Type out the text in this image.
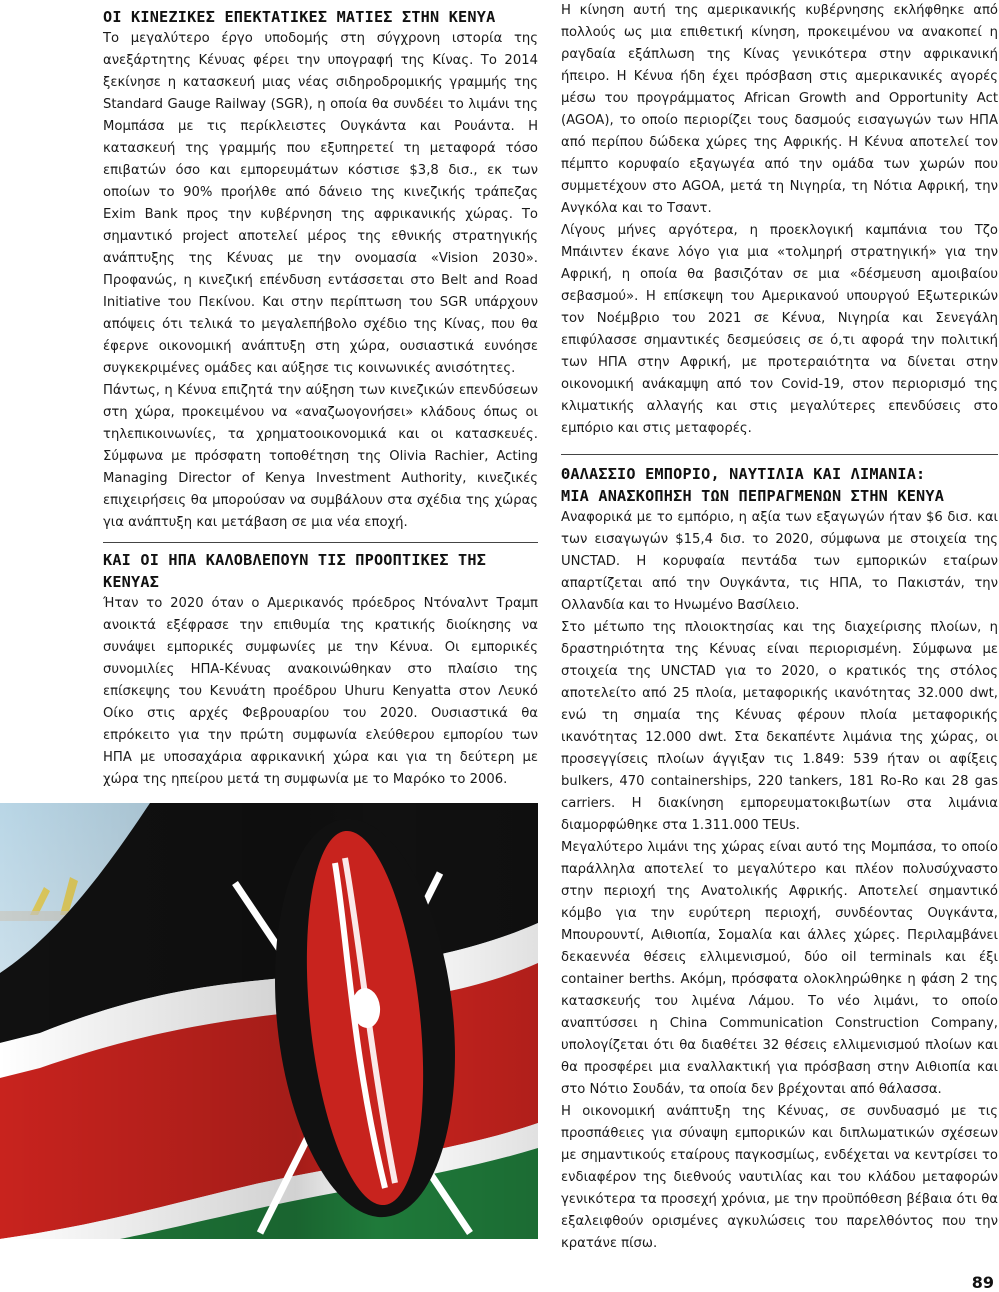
ΟΙ ΚΙΝΕΖΙΚΕΣ ΕΠΕΚΤΑΤΙΚΕΣ ΜΑΤΙΕΣ ΣΤΗΝ ΚΕΝΥΑ
Το μεγαλύτερο έργο υποδομής στη σύγχρονη ιστορία της ανεξάρτητης Κένυας φέρει την υπογραφή της Κίνας. Το 2014 ξεκίνησε η κατασκευή μιας νέας σιδηροδρομικής γραμμής της Standard Gauge Railway (SGR), η οποία θα συνδέει το λιμάνι της Μομπάσα με τις περίκλειστες Ουγκάντα και Ρουάντα. Η κατασκευή της γραμμής που εξυπηρετεί τη μεταφορά τόσο επιβατών όσο και εμπορευμάτων κόστισε $3,8 δισ., εκ των οποίων το 90% προήλθε από δάνειο της κινεζικής τράπεζας Exim Bank προς την κυβέρνηση της αφρικανικής χώρας. Το σημαντικό project αποτελεί μέρος της εθνικής στρατηγικής ανάπτυξης της Κένυας με την ονομασία «Vision 2030». Προφανώς, η κινεζική επένδυση εντάσσεται στο Belt and Road Initiative του Πεκίνου. Και στην περίπτωση του SGR υπάρχουν απόψεις ότι τελικά το μεγαλεπήβολο σχέδιο της Κίνας, που θα έφερνε οικονομική ανάπτυξη στη χώρα, ουσιαστικά ευνόησε συγκεκριμένες ομάδες και αύξησε τις κοινωνικές ανισότητες.
Πάντως, η Κένυα επιζητά την αύξηση των κινεζικών επενδύσεων στη χώρα, προκειμένου να «αναζωογονήσει» κλάδους όπως οι τηλεπικοινωνίες, τα χρηματοοικονομικά και οι κατασκευές. Σύμφωνα με πρόσφατη τοποθέτηση της Olivia Rachier, Acting Managing Director of Kenya Investment Authority, κινεζικές επιχειρήσεις θα μπορούσαν να συμβάλουν στα σχέδια της χώρας για ανάπτυξη και μετάβαση σε μια νέα εποχή.
ΚΑΙ ΟΙ ΗΠΑ ΚΑΛΟΒΛΕΠΟΥΝ ΤΙΣ ΠΡΟΟΠΤΙΚΕΣ ΤΗΣ ΚΕΝΥΑΣ
Ήταν το 2020 όταν ο Αμερικανός πρόεδρος Ντόναλντ Τραμπ ανοικτά εξέφρασε την επιθυμία της κρατικής διοίκησης να συνάψει εμπορικές συμφωνίες με την Κένυα. Οι εμπορικές συνομιλίες ΗΠΑ-Κένυας ανακοινώθηκαν στο πλαίσιο της επίσκεψης του Κενυάτη προέδρου Uhuru Kenyatta στον Λευκό Οίκο στις αρχές Φεβρουαρίου του 2020. Ουσιαστικά θα επρόκειτο για την πρώτη συμφωνία ελεύθερου εμπορίου των ΗΠΑ με υποσαχάρια αφρικανική χώρα και για τη δεύτερη με χώρα της ηπείρου μετά τη συμφωνία με το Μαρόκο το 2006.
Η κίνηση αυτή της αμερικανικής κυβέρνησης εκλήφθηκε από πολλούς ως μια επιθετική κίνηση, προκειμένου να ανακοπεί η ραγδαία εξάπλωση της Κίνας γενικότερα στην αφρικανική ήπειρο. Η Κένυα ήδη έχει πρόσβαση στις αμερικανικές αγορές μέσω του προγράμματος African Growth and Opportunity Act (AGOA), το οποίο περιορίζει τους δασμούς εισαγωγών των ΗΠΑ από περίπου δώδεκα χώρες της Αφρικής. Η Κένυα αποτελεί τον πέμπτο κορυφαίο εξαγωγέα από την ομάδα των χωρών που συμμετέχουν στο AGOA, μετά τη Νιγηρία, τη Νότια Αφρική, την Ανγκόλα και το Τσαντ.
Λίγους μήνες αργότερα, η προεκλογική καμπάνια του Τζο Μπάιντεν έκανε λόγο για μια «τολμηρή στρατηγική» για την Αφρική, η οποία θα βασιζόταν σε μια «δέσμευση αμοιβαίου σεβασμού». Η επίσκεψη του Αμερικανού υπουργού Εξωτερικών τον Νοέμβριο του 2021 σε Κένυα, Νιγηρία και Σενεγάλη επιφύλασσε σημαντικές δεσμεύσεις σε ό,τι αφορά την πολιτική των ΗΠΑ στην Αφρική, με προτεραιότητα να δίνεται στην οικονομική ανάκαμψη από τον Covid-19, στον περιορισμό της κλιματικής αλλαγής και στις μεγαλύτερες επενδύσεις στο εμπόριο και στις μεταφορές.
ΘΑΛΑΣΣΙΟ ΕΜΠΟΡΙΟ, ΝΑΥΤΙΛΙΑ ΚΑΙ ΛΙΜΑΝΙΑ:
ΜΙΑ ΑΝΑΣΚΟΠΗΣΗ ΤΩΝ ΠΕΠΡΑΓΜΕΝΩΝ ΣΤΗΝ ΚΕΝΥΑ
Αναφορικά με το εμπόριο, η αξία των εξαγωγών ήταν $6 δισ. και των εισαγωγών $15,4 δισ. το 2020, σύμφωνα με στοιχεία της UNCTAD. Η κορυφαία πεντάδα των εμπορικών εταίρων απαρτίζεται από την Ουγκάντα, τις ΗΠΑ, το Πακιστάν, την Ολλανδία και το Ηνωμένο Βασίλειο.
Στο μέτωπο της πλοιοκτησίας και της διαχείρισης πλοίων, η δραστηριότητα της Κένυας είναι περιορισμένη. Σύμφωνα με στοιχεία της UNCTAD για το 2020, ο κρατικός της στόλος αποτελείτο από 25 πλοία, μεταφορικής ικανότητας 32.000 dwt, ενώ τη σημαία της Κένυας φέρουν πλοία μεταφορικής ικανότητας 12.000 dwt. Στα δεκαπέντε λιμάνια της χώρας, οι προσεγγίσεις πλοίων άγγιξαν τις 1.849: 539 ήταν οι αφίξεις bulkers, 470 containerships, 220 tankers, 181 Ro-Ro και 28 gas carriers. Η διακίνηση εμπορευματοκιβωτίων στα λιμάνια διαμορφώθηκε στα 1.311.000 TEUs.
Μεγαλύτερο λιμάνι της χώρας είναι αυτό της Μομπάσα, το οποίο παράλληλα αποτελεί το μεγαλύτερο και πλέον πολυσύχναστο στην περιοχή της Ανατολικής Αφρικής. Αποτελεί σημαντικό κόμβο για την ευρύτερη περιοχή, συνδέοντας Ουγκάντα, Μπουρουντί, Αιθιοπία, Σομαλία και άλλες χώρες. Περιλαμβάνει δεκαεννέα θέσεις ελλιμενισμού, δύο oil terminals και έξι container berths. Ακόμη, πρόσφατα ολοκληρώθηκε η φάση 2 της κατασκευής του λιμένα Λάμου. Το νέο λιμάνι, το οποίο αναπτύσσει η China Communication Construction Company, υπολογίζεται ότι θα διαθέτει 32 θέσεις ελλιμενισμού πλοίων και θα προσφέρει μια εναλλακτική για πρόσβαση στην Αιθιοπία και στο Νότιο Σουδάν, τα οποία δεν βρέχονται από θάλασσα.
Η οικονομική ανάπτυξη της Κένυας, σε συνδυασμό με τις προσπάθειες για σύναψη εμπορικών και διπλωματικών σχέσεων με σημαντικούς εταίρους παγκοσμίως, ενδέχεται να κεντρίσει το ενδιαφέρον της διεθνούς ναυτιλίας και του κλάδου μεταφορών γενικότερα τα προσεχή χρόνια, με την προϋπόθεση βέβαια ότι θα εξαλειφθούν ορισμένες αγκυλώσεις του παρελθόντος που την κρατάνε πίσω.
89
